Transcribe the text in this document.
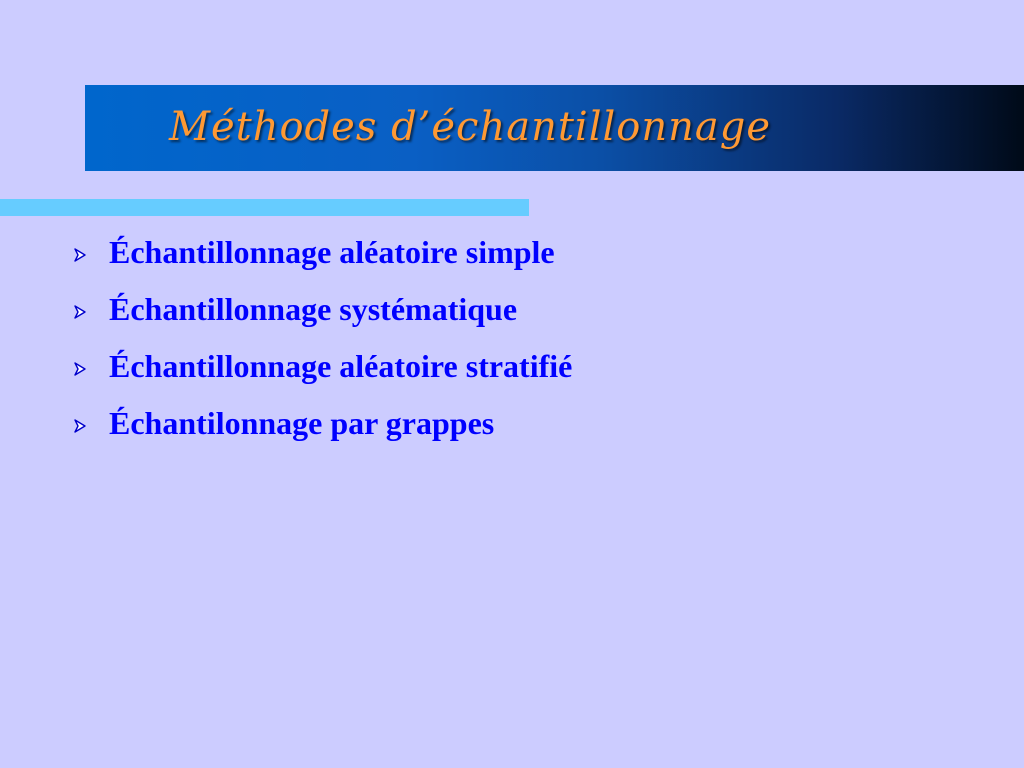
Méthodes d’échantillonnage
Échantillonnage aléatoire simple
Échantillonnage systématique
Échantillonnage aléatoire stratifié
Échantilonnage par grappes
